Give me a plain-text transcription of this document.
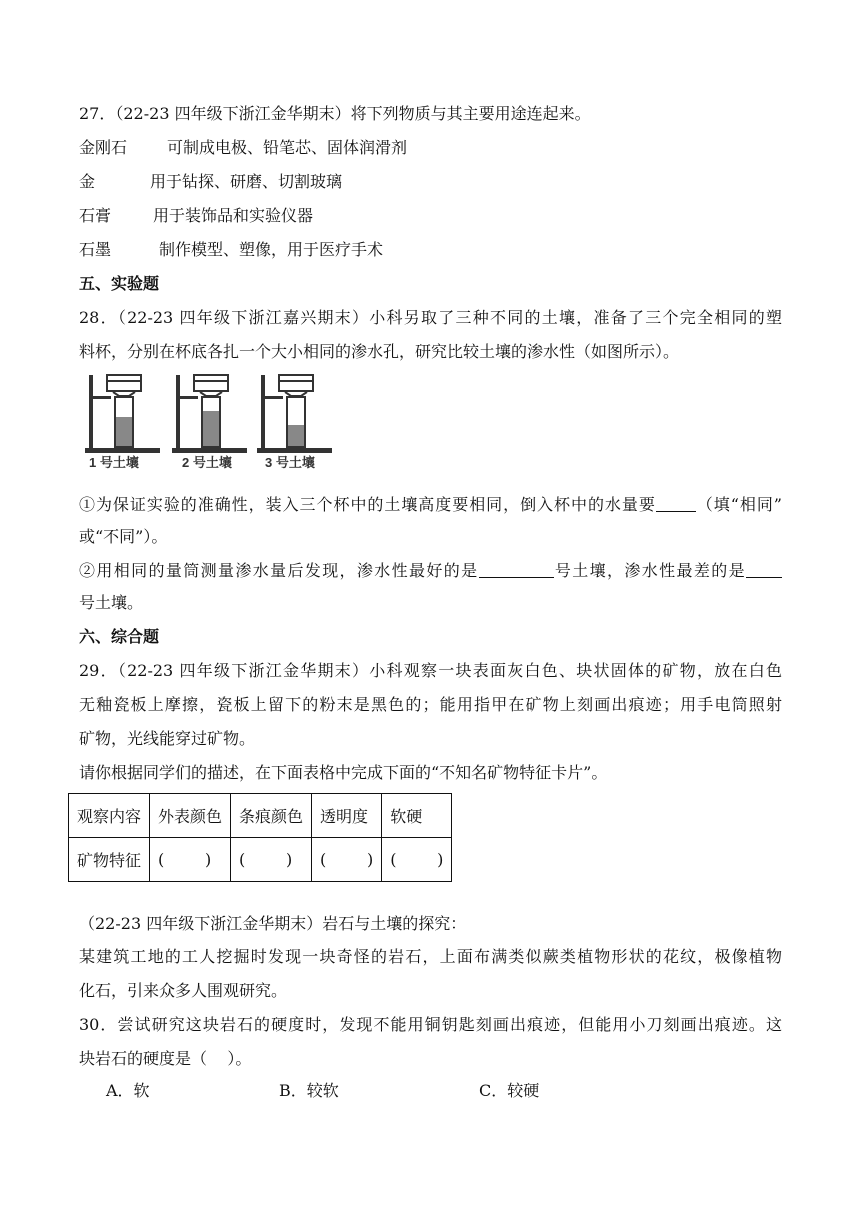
27．（22-23 四年级下浙江金华期末）将下列物质与其主要用途连起来。
金刚石	可制成电极、铅笔芯、固体润滑剂
金	用于钻探、研磨、切割玻璃
石膏	用于装饰品和实验仪器
石墨	制作模型、塑像，用于医疗手术
五、实验题
28．（22-23 四年级下浙江嘉兴期末）小科另取了三种不同的土壤，准备了三个完全相同的塑
料杯，分别在杯底各扎一个大小相同的渗水孔，研究比较土壤的渗水性（如图所示）。
1 号土壤	2 号土壤	3 号土壤
①为保证实验的准确性，装入三个杯中的土壤高度要相同，倒入杯中的水量要	（填“相同”
或“不同”）。
②用相同的量筒测量渗水量后发现，渗水性最好的是	号土壤，渗水性最差的是
号土壤。
六、综合题
29．（22-23 四年级下浙江金华期末）小科观察一块表面灰白色、块状固体的矿物，放在白色
无釉瓷板上摩擦，瓷板上留下的粉末是黑色的；能用指甲在矿物上刻画出痕迹；用手电筒照射
矿物，光线能穿过矿物。
请你根据同学们的描述，在下面表格中完成下面的“不知名矿物特征卡片”。
观察内容	外表颜色	条痕颜色	透明度	软硬
矿物特征	(        )	(        )	(        )	(        )
（22-23 四年级下浙江金华期末）岩石与土壤的探究：
某建筑工地的工人挖掘时发现一块奇怪的岩石，上面布满类似蕨类植物形状的花纹，极像植物
化石，引来众多人围观研究。
30．尝试研究这块岩石的硬度时，发现不能用铜钥匙刻画出痕迹，但能用小刀刻画出痕迹。这
块岩石的硬度是（    ）。
A．软	B．较软	C．较硬
